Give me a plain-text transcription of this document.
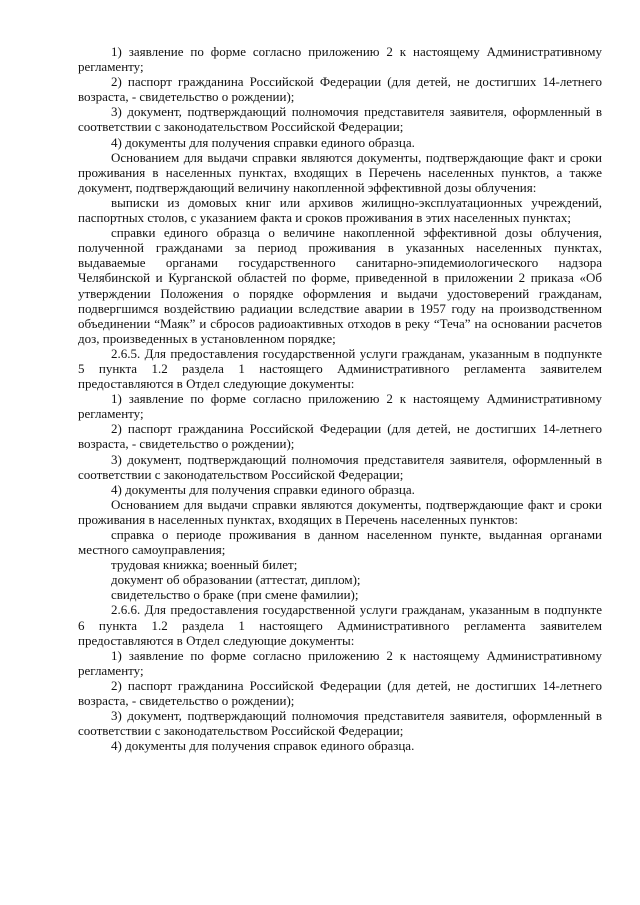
1) заявление по форме согласно приложению 2 к настоящему Административному регламенту;

2) паспорт гражданина Российской Федерации (для детей, не достигших 14-летнего возраста, - свидетельство о рождении);

3) документ, подтверждающий полномочия представителя заявителя, оформленный в соответствии с законодательством Российской Федерации;

4) документы для получения справки единого образца.

Основанием для выдачи справки являются документы, подтверждающие факт и сроки проживания в населенных пунктах, входящих в Перечень населенных пунктов, а также документ, подтверждающий величину накопленной эффективной дозы облучения:

выписки из домовых книг или архивов жилищно-эксплуатационных учреждений, паспортных столов, с указанием факта и сроков проживания в этих населенных пунктах;

справки единого образца о величине накопленной эффективной дозы облучения, полученной гражданами за период проживания в указанных населенных пунктах, выдаваемые органами государственного санитарно-эпидемиологического надзора Челябинской и Курганской областей по форме, приведенной в приложении 2 приказа «Об утверждении Положения о порядке оформления и выдачи удостоверений гражданам, подвергшимся воздействию радиации вследствие аварии в 1957 году на производственном объединении “Маяк” и сбросов радиоактивных отходов в реку “Теча” на основании расчетов доз, произведенных в установленном порядке;

2.6.5. Для предоставления государственной услуги гражданам, указанным в подпункте 5 пункта 1.2 раздела 1 настоящего Административного регламента заявителем предоставляются в Отдел следующие документы:

1) заявление по форме согласно приложению 2 к настоящему Административному регламенту;

2) паспорт гражданина Российской Федерации (для детей, не достигших 14-летнего возраста, - свидетельство о рождении);

3) документ, подтверждающий полномочия представителя заявителя, оформленный в соответствии с законодательством Российской Федерации;

4) документы для получения справки единого образца.

Основанием для выдачи справки являются документы, подтверждающие факт и сроки проживания в населенных пунктах, входящих в Перечень населенных пунктов:

справка о периоде проживания в данном населенном пункте, выданная органами местного самоуправления;

трудовая книжка; военный билет;

документ об образовании (аттестат, диплом);

свидетельство о браке (при смене фамилии);

2.6.6. Для предоставления государственной услуги гражданам, указанным в подпункте 6 пункта 1.2 раздела 1 настоящего Административного регламента заявителем предоставляются в Отдел следующие документы:

1) заявление по форме согласно приложению 2 к настоящему Административному регламенту;

2) паспорт гражданина Российской Федерации (для детей, не достигших 14-летнего возраста, - свидетельство о рождении);

3) документ, подтверждающий полномочия представителя заявителя, оформленный в соответствии с законодательством Российской Федерации;

4) документы для получения справок единого образца.
